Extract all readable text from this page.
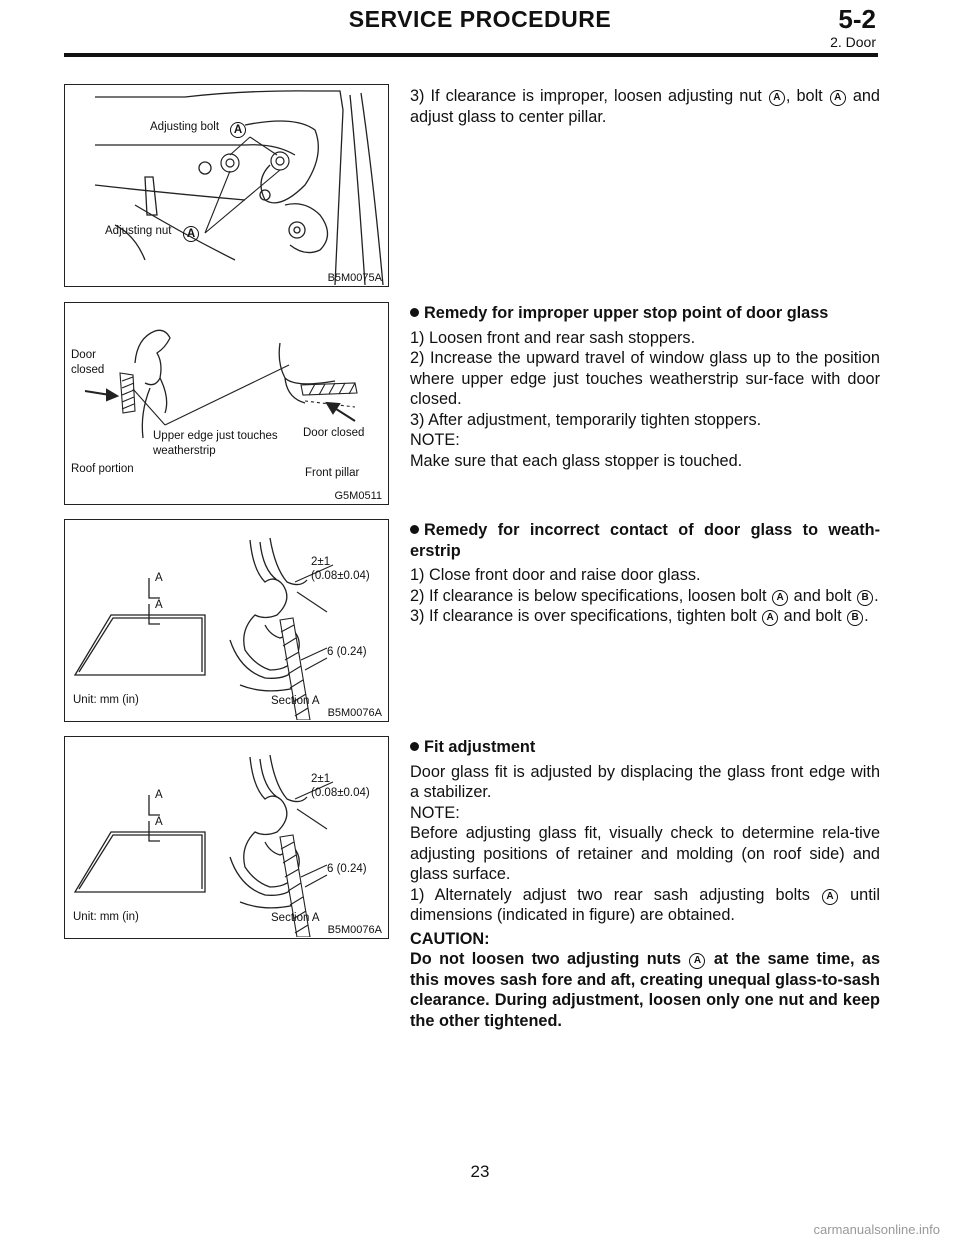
SERVICE PROCEDURE	5-2
2. Door
Adjusting bolt	A
Adjusting nut	A
B5M0075A
Door
closed
Upper edge just touches
weatherstrip
Door closed
Roof portion	Front pillar
G5M0511
A
A
2±1
(0.08±0.04)
6 (0.24)
Unit: mm (in)	Section A
B5M0076A
A
A
2±1
(0.08±0.04)
6 (0.24)
Unit: mm (in)	Section A
B5M0076A

3) If clearance is improper, loosen adjusting nut A , bolt A and adjust glass to center pillar.

Remedy for improper upper stop point of door glass

1) Loosen front and rear sash stoppers.

2) Increase the upward travel of window glass up to the position where upper edge just touches weatherstrip sur-face with door closed.

3) After adjustment, temporarily tighten stoppers.

NOTE:

Make sure that each glass stopper is touched.

Remedy for incorrect contact of door glass to weath-erstrip

1) Close front door and raise door glass.

2) If clearance is below specifications, loosen bolt A and bolt B .

3) If clearance is over specifications, tighten bolt A and bolt B .

Fit adjustment

Door glass fit is adjusted by displacing the glass front edge with a stabilizer.

NOTE:

Before adjusting glass fit, visually check to determine rela-tive adjusting positions of retainer and molding (on roof side) and glass surface.

1) Alternately adjust two rear sash adjusting bolts A until dimensions (indicated in figure) are obtained.

CAUTION:

Do not loosen two adjusting nuts A at the same time, as this moves sash fore and aft, creating unequal glass-to-sash clearance. During adjustment, loosen only one nut and keep the other tightened.

23
carmanualsonline.info
